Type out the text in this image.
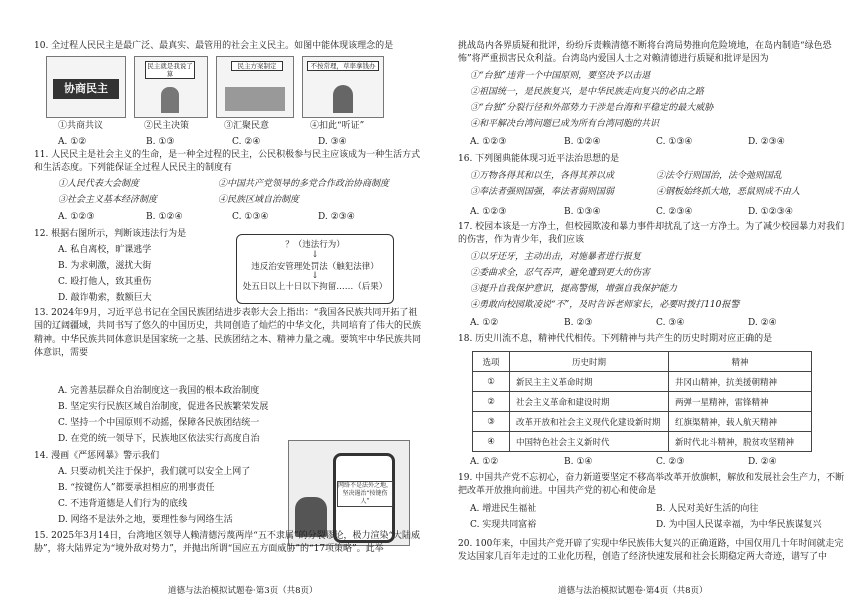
10. 全过程人民民主是最广泛、最真实、最管用的社会主义民主。如图中能体现该理念的是
协商民主
民主就是我说了算
民主方案制定	不按常理，草率拿钱办
①共商共议	②民主决策	③汇聚民意	④扣此“听证”
A. ①②	B. ①③	C. ②④	D. ③④
11. 人民民主是社会主义的生命，是一种全过程的民主，公民积极参与民主应该成为一种生活方式和生活态度。下列能保证全过程人民民主的制度有
①人民代表大会制度	②中国共产党领导的多党合作政治协商制度
③社会主义基本经济制度	④民族区域自治制度
A. ①②③	B. ①②④	C. ①③④	D. ②③④
12. 根据右图所示，判断该违法行为是
A. 私自离校，旷课逃学
B. 为求刺激，滋扰大街
C. 殴打他人，致其重伤
D. 敲诈勒索，数额巨大
？（违法行为）
↓
违反治安管理处罚法（触犯法律）
↓
处五日以上十日以下拘留……（后果）
13. 2024年9月，习近平总书记在全国民族团结进步表彰大会上指出：“我国各民族共同开拓了祖国的辽阔疆域，共同书写了悠久的中国历史，共同创造了灿烂的中华文化，共同培育了伟大的民族精神。中华民族共同体意识是国家统一之基、民族团结之本、精神力量之魂。要筑牢中华民族共同体意识，需要
A. 完善基层群众自治制度这一我国的根本政治制度
B. 坚定实行民族区域自治制度，促进各民族繁荣发展
C. 坚持一个中国原则不动摇，保障各民族团结统一
D. 在党的统一领导下，民族地区依法实行高度自治
14. 漫画《严惩网暴》警示我们
A. 只要动机关注于保护，我们就可以安全上网了
B. “按键伤人”都要承担相应的刑事责任
C. 不违背道德是人们行为的底线
D. 网络不是法外之地，要理性参与网络生活
网络不是法外之地，坚决遏治“按键伤人”
15. 2025年3月14日，台湾地区领导人赖清德污蔑两岸“五不隶属”的分裂谬论，极力渲染“大陆威胁”，将大陆界定为“境外敌对势力”，并抛出所谓“国应五方面威胁”的“17项策略”。此举
道德与法治模拟试题卷·第3页（共8页）
挑战岛内各界质疑和批评，纷纷斥责赖清德不断将台湾局势推向危险境地，在岛内制造“绿色恐怖”将严重损害民众利益。台湾岛内爱国人士之对赖清德进行质疑和批评是因为
①“台独”违背一个中国原则，要坚决予以击退
②祖国统一，是民族复兴，是中华民族走向复兴的必由之路
③“台独”分裂行径和外部势力干涉是台海和平稳定的最大威胁
④和平解决台湾问题已成为所有台湾同胞的共识
A. ①②③	B. ①②④	C. ①③④	D. ②③④
16. 下列图典能体现习近平法治思想的是
①万物各得其和以生，各得其养以成	②法令行则国治，法令弛则国乱
③奉法者强则国强，奉法者弱则国弱	④钢板始终抓大地，恶鼠则成不由人
A. ①②③	B. ①③④	C. ②③④	D. ①②③④
17. 校园本该是一方净土，但校园欺凌和暴力事件却扰乱了这一方净土。为了减少校园暴力对我们的伤害，作为青少年，我们应该
①以牙还牙，主动出击，对施暴者进行报复
②委曲求全，忍气吞声，避免遭到更大的伤害
③提升自我保护意识，提高警惕，增强自我保护能力
④勇敢向校园欺凌说“不”，及时告诉老师家长，必要时拨打110报警
A. ①②	B. ②③	C. ③④	D. ②④
18. 历史川流不息，精神代代相传。下列精神与共产生的历史时期对应正确的是
选项	历史时期	精神
①	新民主主义革命时期	井冈山精神，抗美援朝精神
②	社会主义革命和建设时期	两弹一星精神，雷锋精神
③	改革开放和社会主义现代化建设新时期	红旗渠精神，载人航天精神
④	中国特色社会主义新时代	新时代北斗精神，脱贫攻坚精神
A. ①②	B. ①④	C. ②③	D. ②④
19. 中国共产党不忘初心，奋力新道要坚定不移高举改革开放旗帜，解放和发展社会生产力，不断把改革开放推向前进。中国共产党的初心和使命是
A. 增进民生福祉	B. 人民对美好生活的向往
C. 实现共同富裕	D. 为中国人民谋幸福，为中华民族谋复兴
20. 100年来，中国共产党开辟了实现中华民族伟大复兴的正确道路，中国仅用几十年时间就走完发达国家几百年走过的工业化历程，创造了经济快速发展和社会长期稳定两大奇迹，谱写了中
道德与法治模拟试题卷·第4页（共8页）
